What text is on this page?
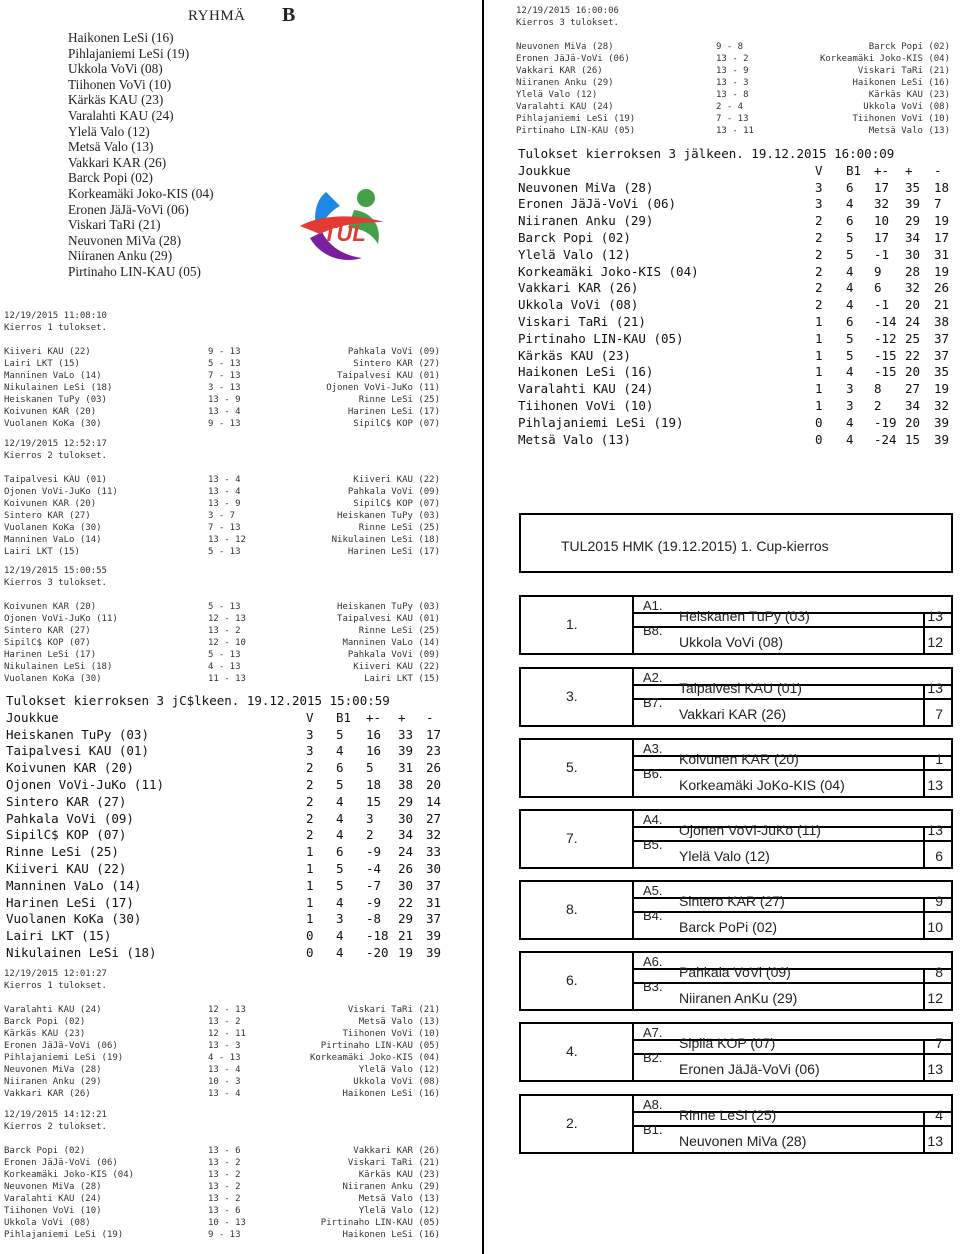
RYHMÄ B
Haikonen LeSi (16)
Pihlajaniemi LeSi (19)
Ukkola VoVi (08)
Tiihonen VoVi (10)
Kärkäs KAU (23)
Varalahti KAU (24)
Ylelä Valo (12)
Metsä Valo (13)
Vakkari KAR (26)
Barck Popi (02)
Korkeamäki Joko-KIS (04)
Eronen JäJä-VoVi (06)
Viskari TaRi (21)
Neuvonen MiVa (28)
Niiranen Anku (29)
Pirtinaho LIN-KAU (05)
TUL
12/19/2015 11:08:10
Kierros 1 tulokset.
Kiiveri KAU (22)	9 - 13	Pahkala VoVi (09)
Lairi LKT (15)	5 - 13	Sintero KAR (27)
Manninen VaLo (14)	7 - 13	Taipalvesi KAU (01)
Nikulainen LeSi (18)	3 - 13	Ojonen VoVi-JuKo (11)
Heiskanen TuPy (03)	13 - 9	Rinne LeSi (25)
Koivunen KAR (20)	13 - 4	Harinen LeSi (17)
Vuolanen KoKa (30)	9 - 13	SipilC$ KOP (07)
12/19/2015 12:52:17
Kierros 2 tulokset.
Taipalvesi KAU (01)	13 - 4	Kiiveri KAU (22)
Ojonen VoVi-JuKo (11)	13 - 4	Pahkala VoVi (09)
Koivunen KAR (20)	13 - 9	SipilC$ KOP (07)
Sintero KAR (27)	3 - 7	Heiskanen TuPy (03)
Vuolanen KoKa (30)	7 - 13	Rinne LeSi (25)
Manninen VaLo (14)	13 - 12	Nikulainen LeSi (18)
Lairi LKT (15)	5 - 13	Harinen LeSi (17)
12/19/2015 15:00:55
Kierros 3 tulokset.
Koivunen KAR (20)	5 - 13	Heiskanen TuPy (03)
Ojonen VoVi-JuKo (11)	12 - 13	Taipalvesi KAU (01)
Sintero KAR (27)	13 - 2	Rinne LeSi (25)
SipilC$ KOP (07)	12 - 10	Manninen VaLo (14)
Harinen LeSi (17)	5 - 13	Pahkala VoVi (09)
Nikulainen LeSi (18)	4 - 13	Kiiveri KAU (22)
Vuolanen KoKa (30)	11 - 13	Lairi LKT (15)
Tulokset kierroksen 3 jC$lkeen. 19.12.2015 15:00:59
Joukkue	V B1 +- + -
Heiskanen TuPy (03)	3 5 16 33 17
Taipalvesi KAU (01)	3 4 16 39 23
Koivunen KAR (20)	2 6 5 31 26
Ojonen VoVi-JuKo (11)	2 5 18 38 20
Sintero KAR (27)	2 4 15 29 14
Pahkala VoVi (09)	2 4 3 30 27
SipilC$ KOP (07)	2 4 2 34 32
Rinne LeSi (25)	1 6 -9 24 33
Kiiveri KAU (22)	1 5 -4 26 30
Manninen VaLo (14)	1 5 -7 30 37
Harinen LeSi (17)	1 4 -9 22 31
Vuolanen KoKa (30)	1 3 -8 29 37
Lairi LKT (15)	0 4 -18 21 39
Nikulainen LeSi (18)	0 4 -20 19 39
12/19/2015 12:01:27
Kierros 1 tulokset.
Varalahti KAU (24)	12 - 13	Viskari TaRi (21)
Barck Popi (02)	13 - 2	Metsä Valo (13)
Kärkäs KAU (23)	12 - 11	Tiihonen VoVi (10)
Eronen JäJä-VoVi (06)	13 - 3	Pirtinaho LIN-KAU (05)
Pihlajaniemi LeSi (19)	4 - 13	Korkeamäki Joko-KIS (04)
Neuvonen MiVa (28)	13 - 4	Ylelä Valo (12)
Niiranen Anku (29)	10 - 3	Ukkola VoVi (08)
Vakkari KAR (26)	13 - 4	Haikonen LeSi (16)
12/19/2015 14:12:21
Kierros 2 tulokset.
Barck Popi (02)	13 - 6	Vakkari KAR (26)
Eronen JäJä-VoVi (06)	13 - 2	Viskari TaRi (21)
Korkeamäki Joko-KIS (04)	13 - 2	Kärkäs KAU (23)
Neuvonen MiVa (28)	13 - 2	Niiranen Anku (29)
Varalahti KAU (24)	13 - 2	Metsä Valo (13)
Tiihonen VoVi (10)	13 - 6	Ylelä Valo (12)
Ukkola VoVi (08)	10 - 13	Pirtinaho LIN-KAU (05)
Pihlajaniemi LeSi (19)	9 - 13	Haikonen LeSi (16)
12/19/2015 16:00:06
Kierros 3 tulokset.
Neuvonen MiVa (28)	9 - 8	Barck Popi (02)
Eronen JäJä-VoVi (06)	13 - 2	Korkeamäki Joko-KIS (04)
Vakkari KAR (26)	13 - 9	Viskari TaRi (21)
Niiranen Anku (29)	13 - 3	Haikonen LeSi (16)
Ylelä Valo (12)	13 - 8	Kärkäs KAU (23)
Varalahti KAU (24)	2 - 4	Ukkola VoVi (08)
Pihlajaniemi LeSi (19)	7 - 13	Tiihonen VoVi (10)
Pirtinaho LIN-KAU (05)	13 - 11	Metsä Valo (13)
Tulokset kierroksen 3 jälkeen. 19.12.2015 16:00:09
Joukkue	V B1 +- + -
Neuvonen MiVa (28)	3 6 17 35 18
Eronen JäJä-VoVi (06)	3 4 32 39 7
Niiranen Anku (29)	2 6 10 29 19
Barck Popi (02)	2 5 17 34 17
Ylelä Valo (12)	2 5 -1 30 31
Korkeamäki Joko-KIS (04)	2 4 9 28 19
Vakkari KAR (26)	2 4 6 32 26
Ukkola VoVi (08)	2 4 -1 20 21
Viskari TaRi (21)	1 6 -14 24 38
Pirtinaho LIN-KAU (05)	1 5 -12 25 37
Kärkäs KAU (23)	1 5 -15 22 37
Haikonen LeSi (16)	1 4 -15 20 35
Varalahti KAU (24)	1 3 8 27 19
Tiihonen VoVi (10)	1 3 2 34 32
Pihlajaniemi LeSi (19)	0 4 -19 20 39
Metsä Valo (13)	0 4 -24 15 39
TUL2015 HMK (19.12.2015) 1. Cup-kierros
1.
A1.
Heiskanen TuPy (03)	13
B8.
Ukkola VoVi (08)	12
3.
A2.
Taipalvesi KAU (01)	13
B7.
Vakkari KAR (26)	7
5.
A3.
Koivunen KAR (20)	1
B6.
Korkeamäki JoKo-KIS (04)	13
7.
A4.
Ojonen VoVi-JuKo (11)	13
B5.
Ylelä Valo (12)	6
8.
A5.
Sintero KAR (27)	9
B4.
Barck PoPi (02)	10
6.
A6.
Pahkala VoVi (09)	8
B3.
Niiranen AnKu (29)	12
4.
A7.
Sipilä KOP (07)	7
B2.
Eronen JäJä-VoVi (06)	13
2.
A8.
Rinne LeSi (25)	4
B1.
Neuvonen MiVa (28)	13
